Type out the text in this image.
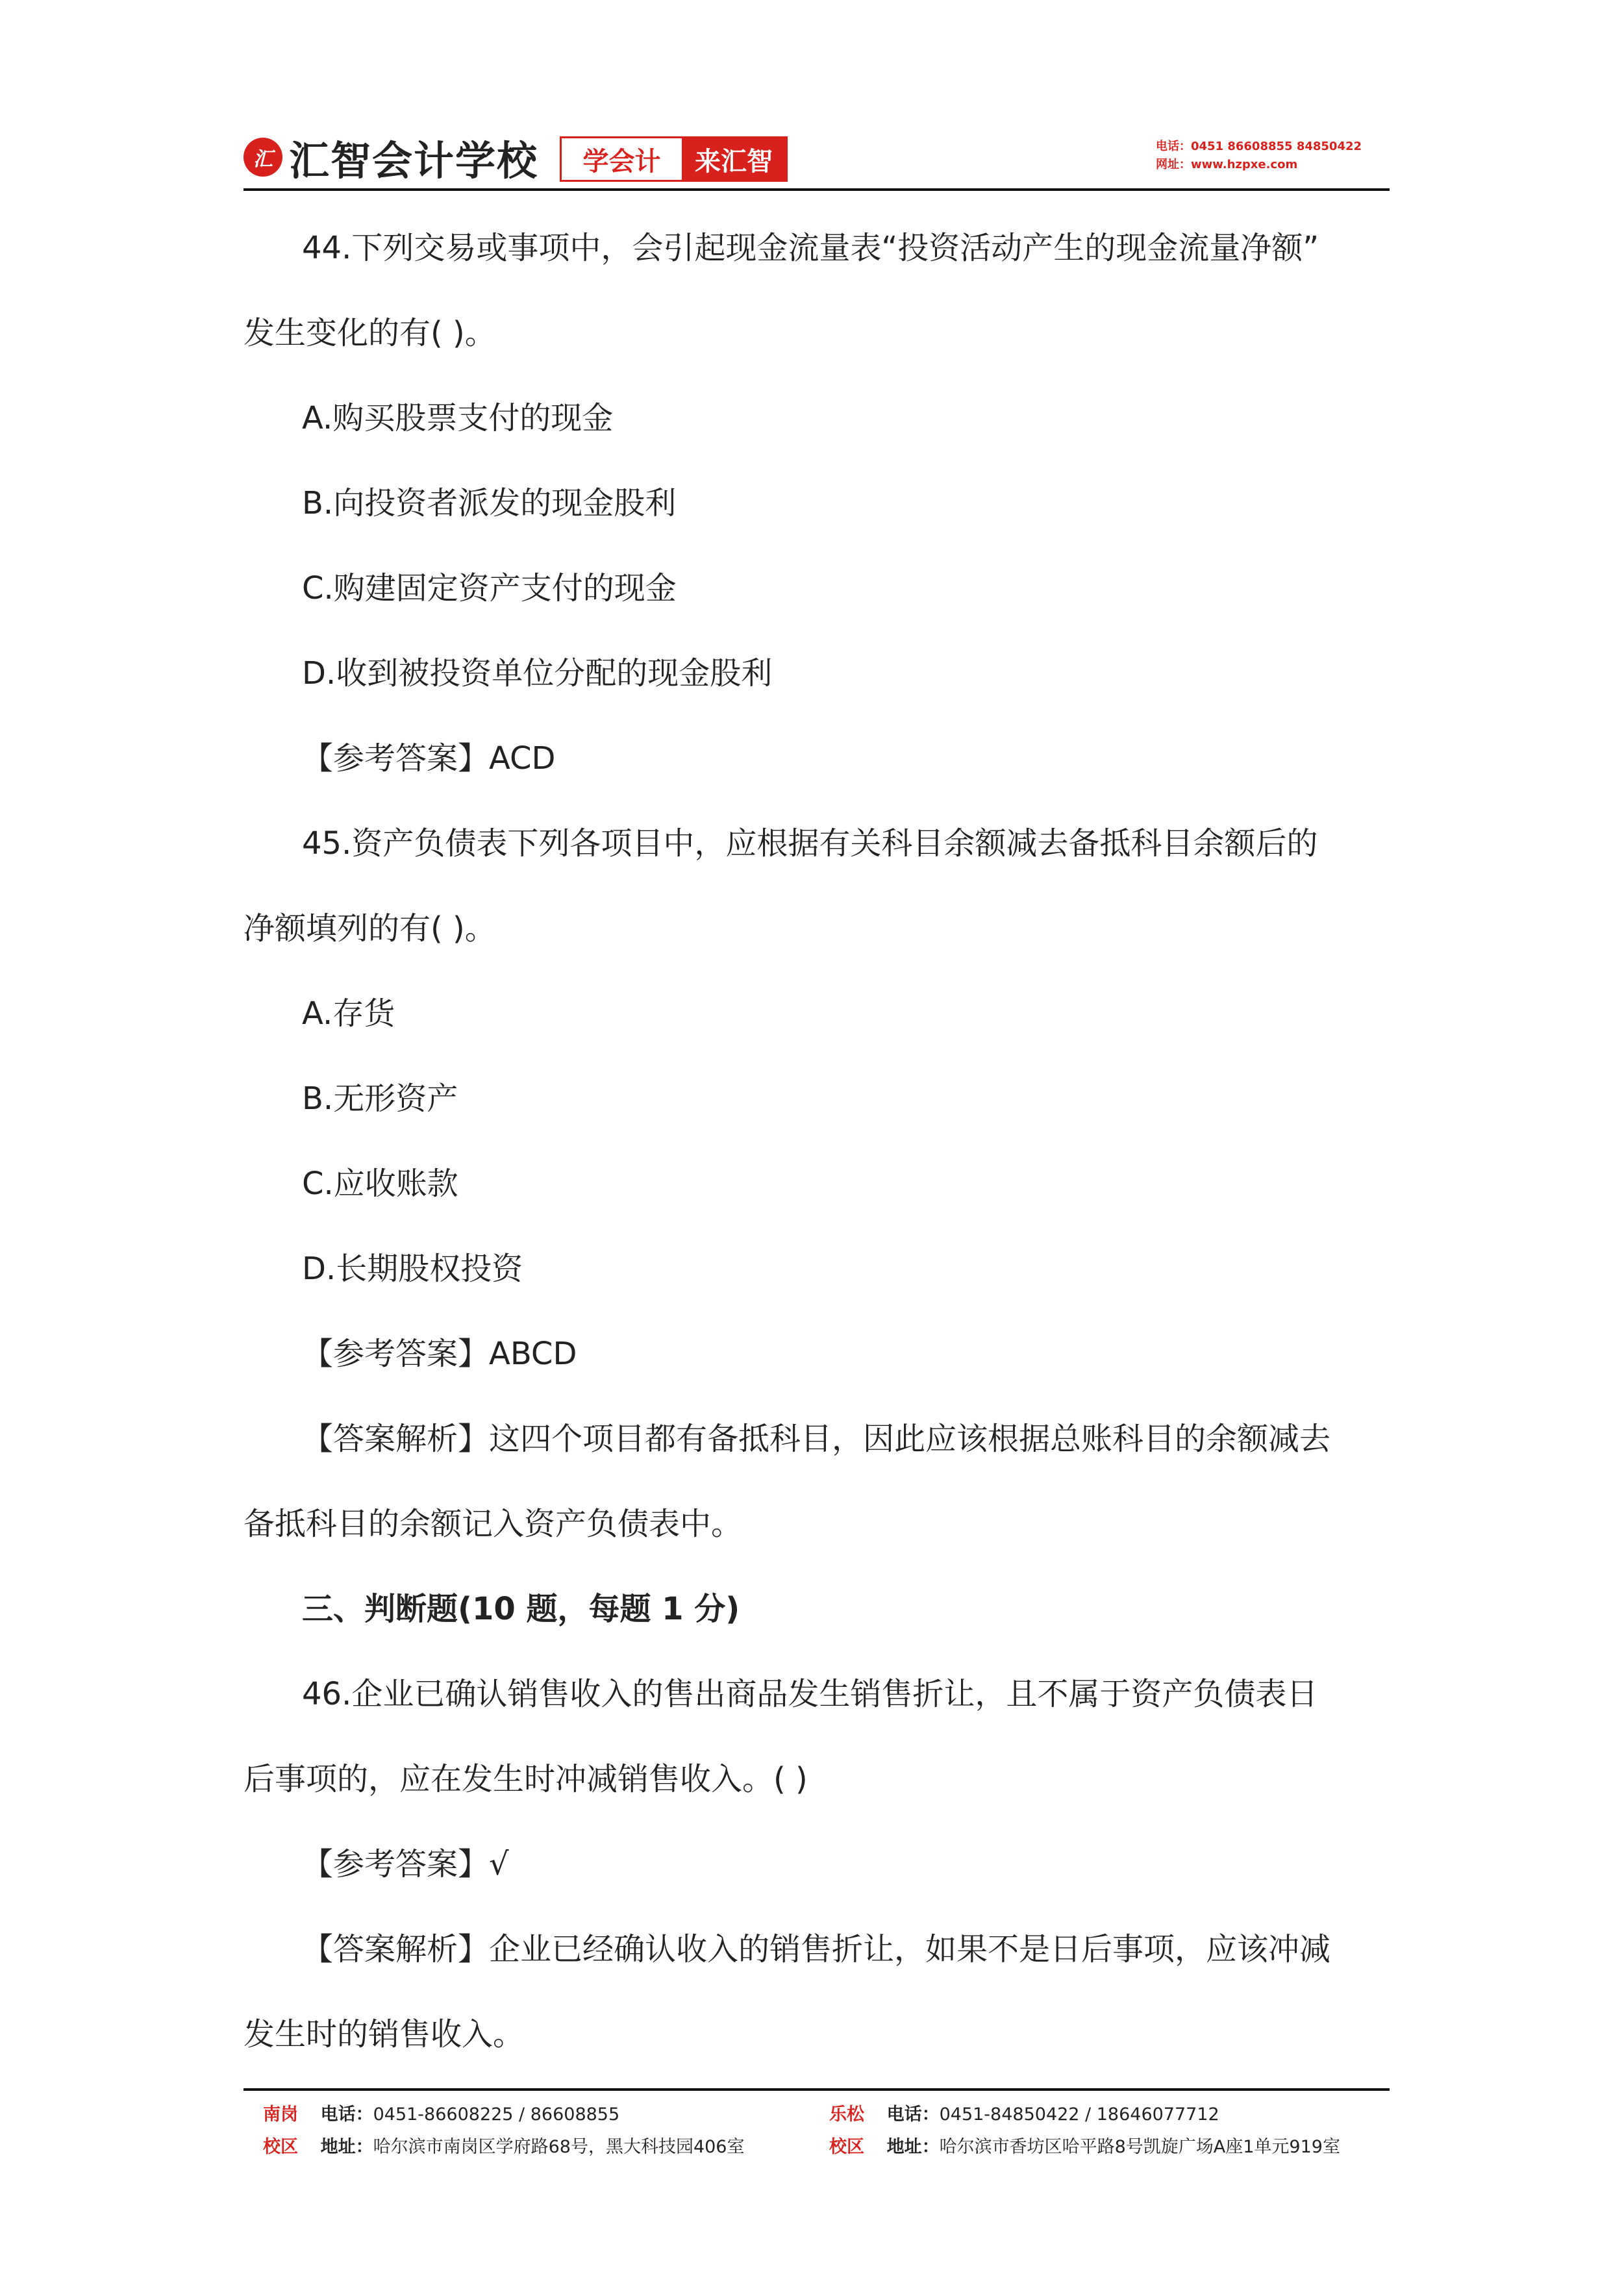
汇 汇智会计学校	学会计	来汇智	电话：0451 86608855 84850422
网址：www.hzpxe.com
44.下列交易或事项中，会引起现金流量表“投资活动产生的现金流量净额”
发生变化的有( )。
A.购买股票支付的现金
B.向投资者派发的现金股利
C.购建固定资产支付的现金
D.收到被投资单位分配的现金股利
【参考答案】ACD
45.资产负债表下列各项目中，应根据有关科目余额减去备抵科目余额后的
净额填列的有( )。
A.存货
B.无形资产
C.应收账款
D.长期股权投资
【参考答案】ABCD
【答案解析】这四个项目都有备抵科目，因此应该根据总账科目的余额减去
备抵科目的余额记入资产负债表中。
三、判断题(10 题，每题 1 分)
46.企业已确认销售收入的售出商品发生销售折让，且不属于资产负债表日
后事项的，应在发生时冲减销售收入。( )
【参考答案】√
【答案解析】企业已经确认收入的销售折让，如果不是日后事项，应该冲减
发生时的销售收入。
南岗 电话：0451-86608225 / 86608855
校区 地址：哈尔滨市南岗区学府路68号，黑大科技园406室
乐松 电话：0451-84850422 / 18646077712
校区 地址：哈尔滨市香坊区哈平路8号凯旋广场A座1单元919室
